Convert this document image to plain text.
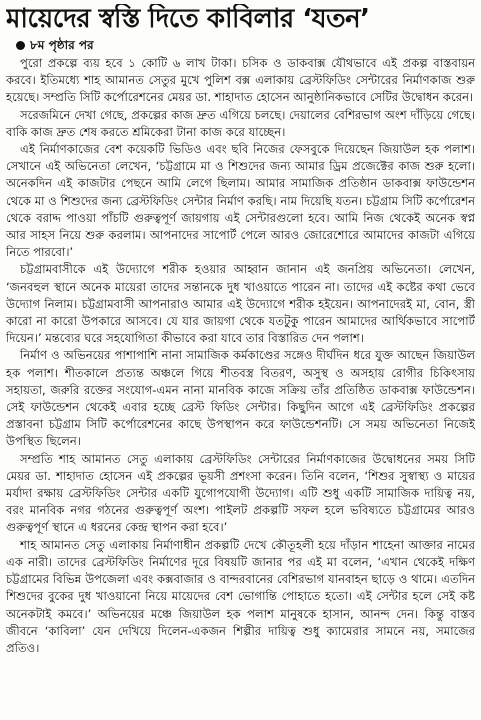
মায়েদের স্বস্তি দিতে কাবিলার ‘যতন’
৮ম পৃষ্ঠার পর

পুরো প্রকল্পে ব্যয় হবে ১ কোটি ৬ লাখ টাকা। চসিক ও ডাকবাক্স যৌথভাবে এই প্রকল্প বাস্তবায়ন করবে। ইতিমধ্যে শাহ আমানত সেতুর মুখে পুলিশ বক্স এলাকায় ব্রেস্টফিডিং সেন্টারের নির্মাণকাজ শুরু হয়েছে। সম্প্রতি সিটি কর্পোরেশনের মেয়র ডা. শাহাদাত হোসেন আনুষ্ঠানিকভাবে সেটির উদ্বোধন করেন।

সরেজমিনে দেখা গেছে, প্রকল্পের কাজ দ্রুত এগিয়ে চলছে। দেয়ালের বেশিরভাগ অংশ দাঁড়িয়ে গেছে। বাকি কাজ দ্রুত শেষ করতে শ্রমিকেরা টানা কাজ করে যাচ্ছেন।

এই নির্মাণকাজের বেশ কয়েকটি ভিডিও এবং ছবি নিজের ফেসবুকে দিয়েছেন জিয়াউল হক পলাশ। সেখানে এই অভিনেতা লেখেন, ‘চট্টগ্রামে মা ও শিশুদের জন্য আমার ড্রিম প্রজেক্টের কাজ শুরু হলো। অনেকদিন এই কাজটার পেছনে আমি লেগে ছিলাম। আমার সামাজিক প্রতিষ্ঠান ডাকবাক্স ফাউন্ডেশন থেকে মা ও শিশুদের জন্য ব্রেস্টফিডিং সেন্টার নির্মাণ করছি। নাম দিয়েছি যতন। চট্টগ্রাম সিটি কর্পোরেশন থেকে বরাদ্দ পাওয়া পাঁচটি গুরুত্বপূর্ণ জায়গায় এই সেন্টারগুলো হবে। আমি নিজ থেকেই অনেক স্বপ্ন আর সাহস নিয়ে শুরু করলাম। আপনাদের সাপোর্ট পেলে আরও জোরেশোরে আমাদের কাজটা এগিয়ে নিতে পারবো।’

চট্টগ্রামবাসীকে এই উদ্যোগে শরীক হওয়ার আহ্বান জানান এই জনপ্রিয় অভিনেতা। লেখেন, ‘জনবহুল স্থানে অনেক মায়েরা তাদের সন্তানকে দুধ খাওয়াতে পারেন না। তাদের এই কষ্টের কথা ভেবে উদ্যোগ নিলাম। চট্টগ্রামবাসী আপনারাও আমার এই উদ্যোগে শরীক হইয়েন। আপনাদেরই মা, বোন, স্ত্রী কারো না কারো উপকারে আসবে। যে যার জায়গা থেকে যতটুকু পারেন আমাদের আর্থিকভাবে সাপোর্ট দিয়েন।’ মন্তব্যের ঘরে সহযোগিতা কীভাবে করা যাবে তার বিস্তারিত দেন পলাশ।

নির্মাণ ও অভিনয়ের পাশাপাশি নানা সামাজিক কর্মকাণ্ডের সঙ্গেও দীর্ঘদিন ধরে যুক্ত আছেন জিয়াউল হক পলাশ। শীতকালে প্রত্যন্ত অঞ্চলে গিয়ে শীতবস্ত্র বিতরণ, অসুস্থ ও অসহায় রোগীর চিকিৎসায় সহায়তা, জরুরি রক্তের সংযোগ-এমন নানা মানবিক কাজে সক্রিয় তাঁর প্রতিষ্ঠিত ডাকবাক্স ফাউন্ডেশন। সেই ফাউন্ডেশন থেকেই এবার হচ্ছে ব্রেস্ট ফিডিং সেন্টার। কিছুদিন আগে এই ব্রেস্টফিডিং প্রকল্পের প্রস্তাবনা চট্টগ্রাম সিটি কর্পোরেশনের কাছে উপস্থাপন করে ফাউন্ডেশনটি। সে সময় অভিনেতা নিজেই উপস্থিত ছিলেন।

সম্প্রতি শাহ আমানত সেতু এলাকায় ব্রেস্টফিডিং সেন্টারের নির্মাণকাজের উদ্বোধনের সময় সিটি মেয়র ডা. শাহাদাত হোসেন এই প্রকল্পের ভূয়সী প্রশংসা করেন। তিনি বলেন, ‘শিশুর সুস্বাস্থ্য ও মায়ের মর্যাদা রক্ষায় ব্রেস্টফিডিং সেন্টার একটি যুগোপযোগী উদ্যোগ। এটি শুধু একটি সামাজিক দায়িত্ব নয়, বরং মানবিক নগর গঠনের গুরুত্বপূর্ণ অংশ। পাইলট প্রকল্পটি সফল হলে ভবিষ্যতে চট্টগ্রামের আরও গুরুত্বপূর্ণ স্থানে এ ধরনের কেন্দ্র স্থাপন করা হবে।’

শাহ আমানত সেতু এলাকায় নির্মাণাধীন প্রকল্পটি দেখে কৌতূহলী হয়ে দাঁড়ান শাহেনা আক্তার নামের এক নারী। তাদের ব্রেস্টফিডিং নির্মাণের দূরে বিষয়টি জানার পর এই মা বলেন, ‘এখান থেকেই দক্ষিণ চট্টগ্রামের বিভিন্ন উপজেলা এবং কক্সবাজার ও বান্দরবানের বেশিরভাগ যানবাহন ছাড়ে ও থামে। এতদিন শিশুদের বুকের দুধ খাওয়ানো নিয়ে মায়েদের বেশ ভোগান্তি পোহাতে হতো। এই সেন্টার হলে সেই কষ্ট অনেকটাই কমবে।’ অভিনয়ের মঞ্চে জিয়াউল হক পলাশ মানুষকে হাসান, আনন্দ দেন। কিন্তু বাস্তব জীবনে ‘কাবিলা’ যেন দেখিয়ে দিলেন-একজন শিল্পীর দায়িত্ব শুধু ক্যামেরার সামনে নয়, সমাজের প্রতিও।
